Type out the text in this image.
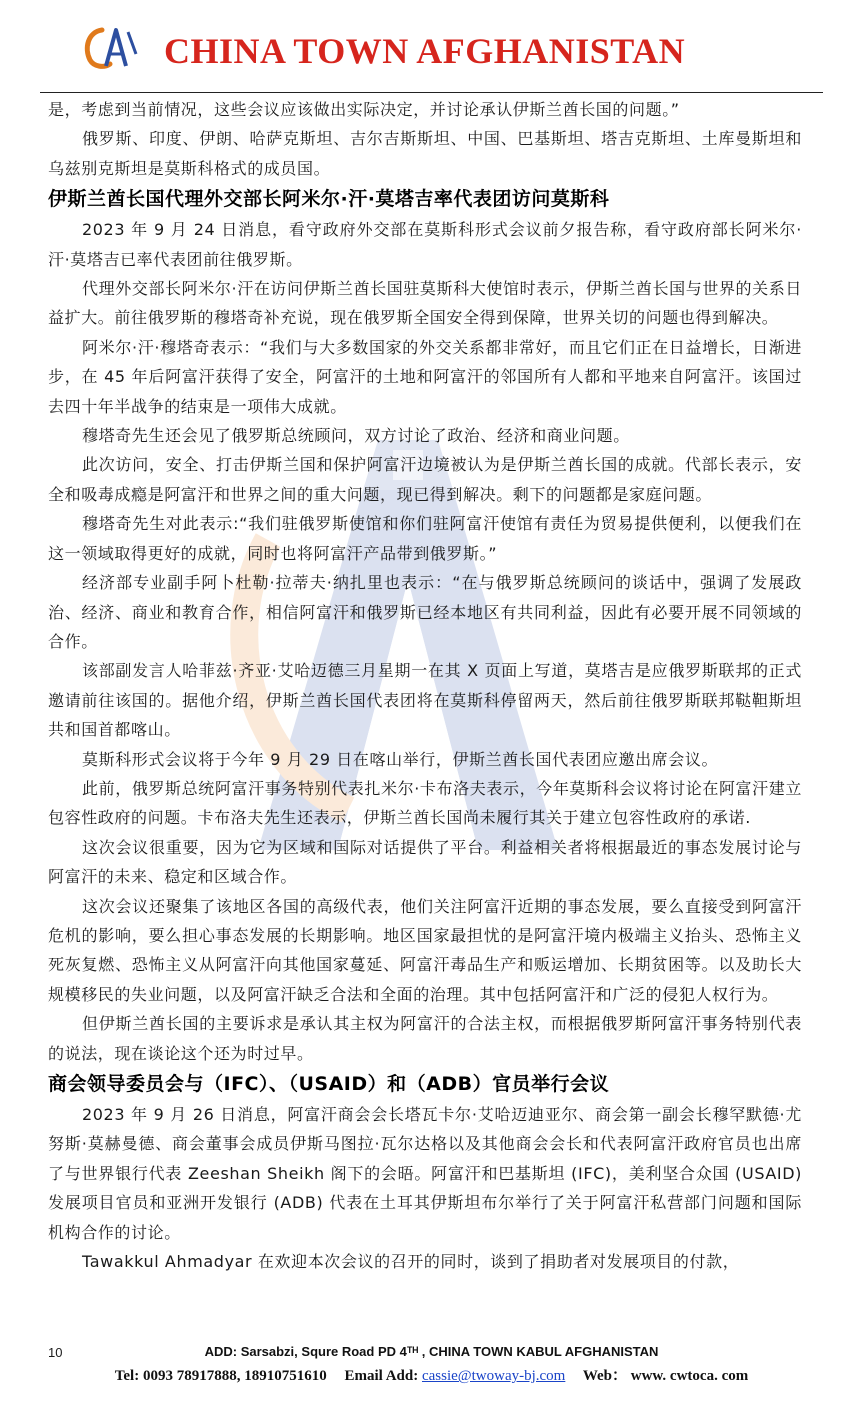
CHINA TOWN AFGHANISTAN

是，考虑到当前情况，这些会议应该做出实际决定，并讨论承认伊斯兰酋长国的问题。”

俄罗斯、印度、伊朗、哈萨克斯坦、吉尔吉斯斯坦、中国、巴基斯坦、塔吉克斯坦、土库曼斯坦和乌兹别克斯坦是莫斯科格式的成员国。

伊斯兰酋长国代理外交部长阿米尔·汗·莫塔吉率代表团访问莫斯科

2023 年 9 月 24 日消息，看守政府外交部在莫斯科形式会议前夕报告称，看守政府部长阿米尔·汗·莫塔吉已率代表团前往俄罗斯。

代理外交部长阿米尔·汗在访问伊斯兰酋长国驻莫斯科大使馆时表示，伊斯兰酋长国与世界的关系日益扩大。前往俄罗斯的穆塔奇补充说，现在俄罗斯全国安全得到保障，世界关切的问题也得到解决。

阿米尔·汗·穆塔奇表示：“我们与大多数国家的外交关系都非常好，而且它们正在日益增长，日渐进步，在 45 年后阿富汗获得了安全，阿富汗的土地和阿富汗的邻国所有人都和平地来自阿富汗。该国过去四十年半战争的结束是一项伟大成就。

穆塔奇先生还会见了俄罗斯总统顾问，双方讨论了政治、经济和商业问题。

此次访问，安全、打击伊斯兰国和保护阿富汗边境被认为是伊斯兰酋长国的成就。代部长表示，安全和吸毒成瘾是阿富汗和世界之间的重大问题，现已得到解决。剩下的问题都是家庭问题。

穆塔奇先生对此表示:“我们驻俄罗斯使馆和你们驻阿富汗使馆有责任为贸易提供便利，以便我们在这一领域取得更好的成就，同时也将阿富汗产品带到俄罗斯。”

经济部专业副手阿卜杜勒·拉蒂夫·纳扎里也表示：“在与俄罗斯总统顾问的谈话中，强调了发展政治、经济、商业和教育合作，相信阿富汗和俄罗斯已经本地区有共同利益，因此有必要开展不同领域的合作。

该部副发言人哈菲兹·齐亚·艾哈迈德三月星期一在其 X 页面上写道，莫塔吉是应俄罗斯联邦的正式邀请前往该国的。据他介绍，伊斯兰酋长国代表团将在莫斯科停留两天，然后前往俄罗斯联邦鞑靼斯坦共和国首都喀山。

莫斯科形式会议将于今年 9 月 29 日在喀山举行，伊斯兰酋长国代表团应邀出席会议。

此前，俄罗斯总统阿富汗事务特别代表扎米尔·卡布洛夫表示，今年莫斯科会议将讨论在阿富汗建立包容性政府的问题。卡布洛夫先生还表示，伊斯兰酋长国尚未履行其关于建立包容性政府的承诺.

这次会议很重要，因为它为区域和国际对话提供了平台。利益相关者将根据最近的事态发展讨论与阿富汗的未来、稳定和区域合作。

这次会议还聚集了该地区各国的高级代表，他们关注阿富汗近期的事态发展，要么直接受到阿富汗危机的影响，要么担心事态发展的长期影响。地区国家最担忧的是阿富汗境内极端主义抬头、恐怖主义死灰复燃、恐怖主义从阿富汗向其他国家蔓延、阿富汗毒品生产和贩运增加、长期贫困等。以及助长大规模移民的失业问题，以及阿富汗缺乏合法和全面的治理。其中包括阿富汗和广泛的侵犯人权行为。

但伊斯兰酋长国的主要诉求是承认其主权为阿富汗的合法主权，而根据俄罗斯阿富汗事务特别代表的说法，现在谈论这个还为时过早。

商会领导委员会与（IFC）、（USAID）和（ADB）官员举行会议

2023 年 9 月 26 日消息，阿富汗商会会长塔瓦卡尔·艾哈迈迪亚尔、商会第一副会长穆罕默德·尤努斯·莫赫曼德、商会董事会成员伊斯马图拉·瓦尔达格以及其他商会会长和代表阿富汗政府官员也出席了与世界银行代表 Zeeshan Sheikh 阁下的会晤。阿富汗和巴基斯坦 (IFC)，美利坚合众国 (USAID) 发展项目官员和亚洲开发银行 (ADB) 代表在土耳其伊斯坦布尔举行了关于阿富汗私营部门问题和国际机构合作的讨论。

Tawakkul Ahmadyar 在欢迎本次会议的召开的同时，谈到了捐助者对发展项目的付款，

10	ADD: Sarsabzi, Squre Road PD 4ᵀᴴ , CHINA TOWN KABUL AFGHANISTAN
Tel: 0093 78917888, 18910751610 Email Add: cassie@twoway-bj.com Web： www. cwtoca. com
